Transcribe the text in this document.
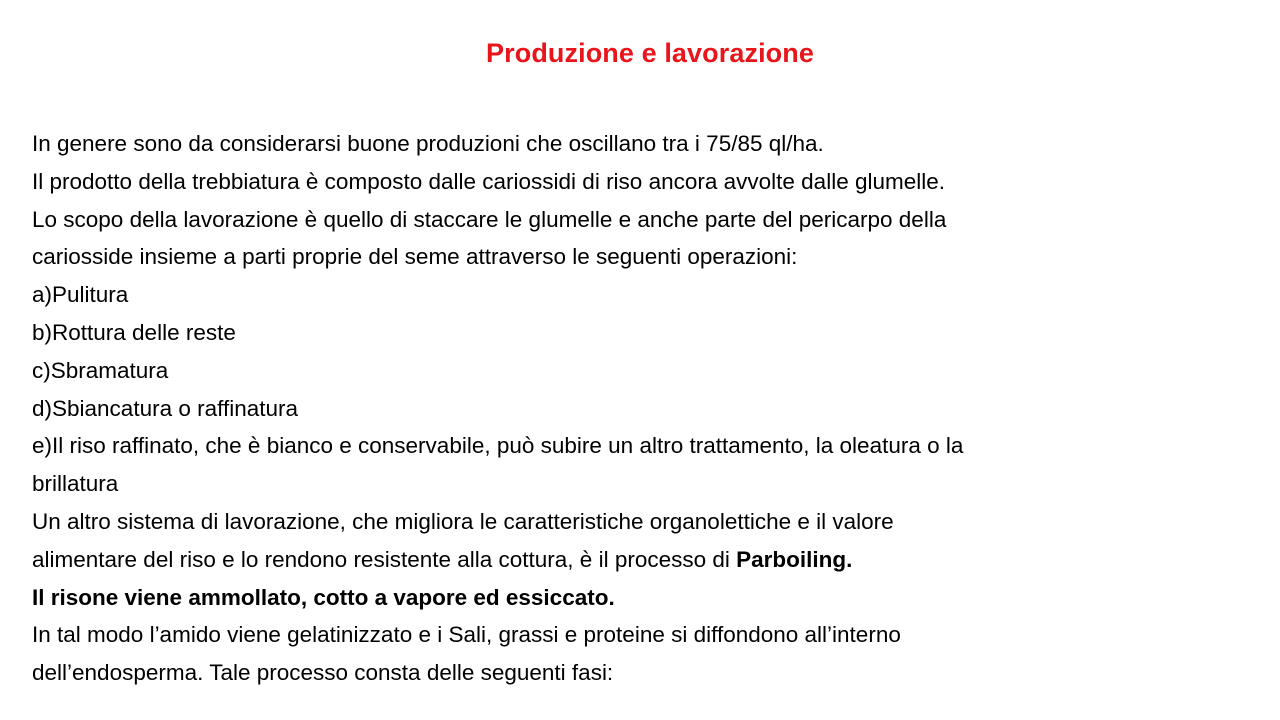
Produzione e lavorazione
In genere sono da considerarsi buone produzioni che oscillano tra i 75/85 ql/ha.
Il prodotto della trebbiatura è composto dalle cariossidi di riso ancora avvolte dalle glumelle.
Lo scopo della lavorazione è quello di staccare le glumelle e anche parte del pericarpo della
cariosside insieme a parti proprie del seme attraverso le seguenti operazioni:
a)Pulitura
b)Rottura delle reste
c)Sbramatura
d)Sbiancatura o raffinatura
e)Il riso raffinato, che è bianco e conservabile, può subire un altro trattamento, la oleatura o la
brillatura
Un altro sistema di lavorazione, che migliora le caratteristiche organolettiche e il valore
alimentare del riso e lo rendono resistente alla cottura, è il processo di Parboiling.
Il risone viene ammollato, cotto a vapore ed essiccato.
In tal modo l’amido viene gelatinizzato e i Sali, grassi e proteine si diffondono all’interno
dell’endosperma. Tale processo consta delle seguenti fasi:
